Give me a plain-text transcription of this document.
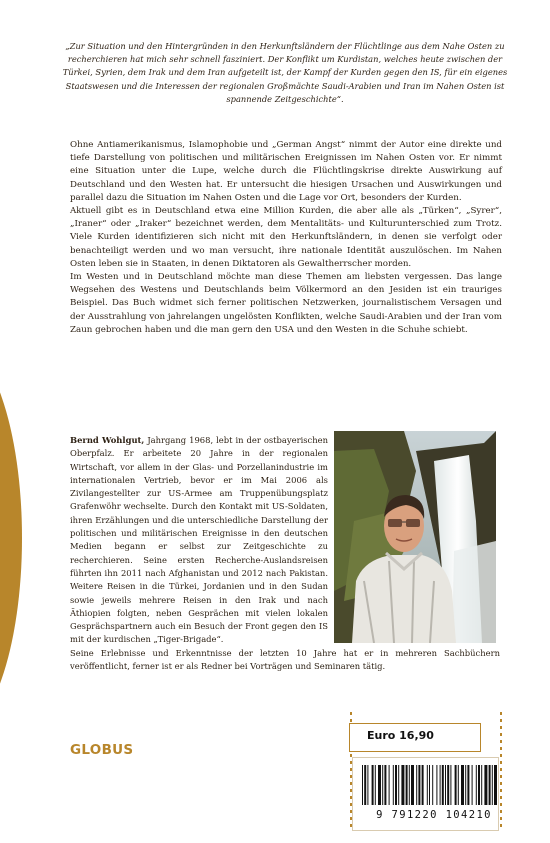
„Zur Situation und den Hintergründen in den Herkunftsländern der Flüchtlinge aus dem Nahe Osten zu recherchieren hat mich sehr schnell fasziniert. Der Konflikt um Kurdistan, welches heute zwischen der Türkei, Syrien, dem Irak und dem Iran aufgeteilt ist, der Kampf der Kurden gegen den IS, für ein eigenes Staatswesen und die Interessen der regionalen Großmächte Saudi-Arabien und Iran im Nahen Osten ist spannende Zeitgeschichte“.

Ohne Antiamerikanismus, Islamophobie und „German Angst“ nimmt der Autor eine direkte und tiefe Darstellung von politischen und militärischen Ereignissen im Nahen Osten vor. Er nimmt eine Situation unter die Lupe, welche durch die Flüchtlingskrise direkte Auswirkung auf Deutschland und den Westen hat. Er untersucht die hiesigen Ursachen und Auswirkungen und parallel dazu die Situation im Nahen Osten und die Lage vor Ort, besonders der Kurden.

Aktuell gibt es in Deutschland etwa eine Million Kurden, die aber alle als „Türken“, „Syrer“, „Iraner“ oder „Iraker“ bezeichnet werden, dem Mentalitäts- und Kulturunterschied zum Trotz. Viele Kurden identifizieren sich nicht mit den Herkunftsländern, in denen sie verfolgt oder benachteiligt werden und wo man versucht, ihre nationale Identität auszulöschen. Im Nahen Osten leben sie in Staaten, in denen Diktatoren als Gewaltherrscher morden.

Im Westen und in Deutschland möchte man diese Themen am liebsten vergessen. Das lange Wegsehen des Westens und Deutschlands beim Völkermord an den Jesiden ist ein trauriges Beispiel. Das Buch widmet sich ferner politischen Netzwerken, journalistischem Versagen und der Ausstrahlung von jahrelangen ungelösten Konflikten, welche Saudi-Arabien und der Iran vom Zaun gebrochen haben und die man gern den USA und den Westen in die Schuhe schiebt.

Bernd Wohlgut, Jahrgang 1968, lebt in der ostbayerischen Oberpfalz. Er arbeitete 20 Jahre in der regionalen Wirtschaft, vor allem in der Glas- und Porzellanindustrie im internationalen Vertrieb, bevor er im Mai 2006 als Zivilangestellter zur US-Armee am Truppenübungsplatz Grafenwöhr wechselte. Durch den Kontakt mit US-Soldaten, ihren Erzählungen und die unterschiedliche Darstellung der politischen und militärischen Ereignisse in den deutschen Medien begann er selbst zur Zeitgeschichte zu recherchieren. Seine ersten Recherche-Auslandsreisen führten ihn 2011 nach Afghanistan und 2012 nach Pakistan. Weitere Reisen in die Türkei, Jordanien und in den Sudan sowie jeweils mehrere Reisen in den Irak und nach Äthiopien folgten, neben Gesprächen mit vielen lokalen Gesprächspartnern auch ein Besuch der Front gegen den IS mit der kurdischen „Tiger-Brigade“.

Seine Erlebnisse und Erkenntnisse der letzten 10 Jahre hat er in mehreren Sachbüchern veröffentlicht, ferner ist er als Redner bei Vorträgen und Seminaren tätig.

GLOBUS
Euro 16,90
9 791220 104210
